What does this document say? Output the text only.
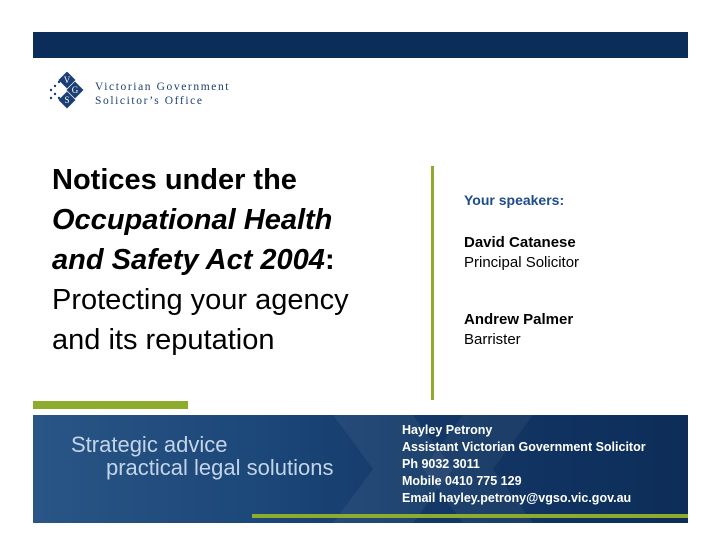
V
G
S
Victorian Government
Solicitor’s Office
Notices under the
Occupational Health
and Safety Act 2004:
Protecting your agency
and its reputation
Your speakers:
David Catanese
Principal Solicitor
Andrew Palmer
Barrister
Strategic advice
practical legal solutions
Hayley Petrony
Assistant Victorian Government Solicitor
Ph 9032 3011
Mobile 0410 775 129
Email hayley.petrony@vgso.vic.gov.au
